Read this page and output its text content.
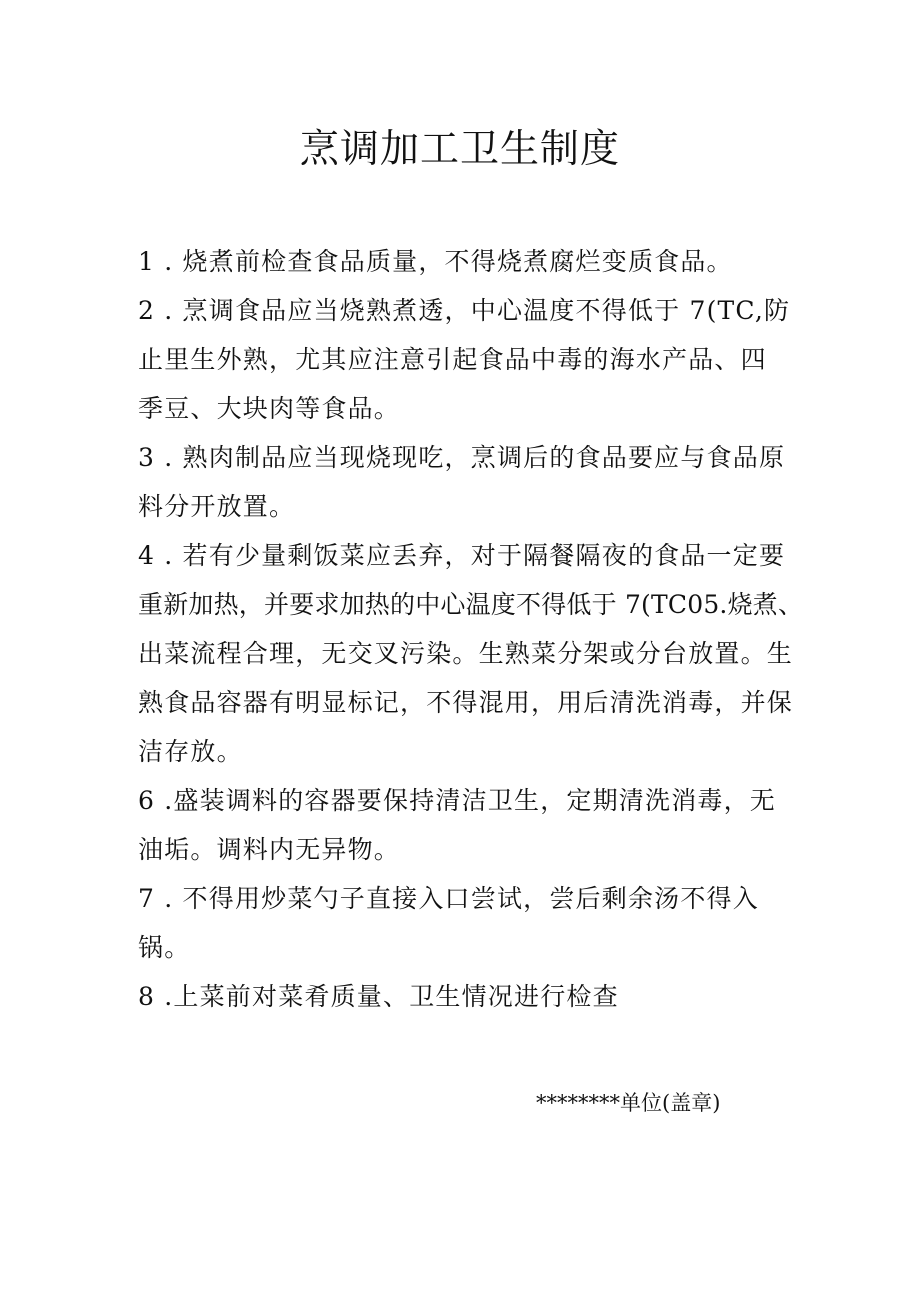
烹调加工卫生制度
1 . 烧煮前检查食品质量，不得烧煮腐烂变质食品。
2 . 烹调食品应当烧熟煮透，中心温度不得低于 7(TC,防
止里生外熟，尤其应注意引起食品中毒的海水产品、四
季豆、大块肉等食品。
3 . 熟肉制品应当现烧现吃，烹调后的食品要应与食品原
料分开放置。
4 . 若有少量剩饭菜应丢弃，对于隔餐隔夜的食品一定要
重新加热，并要求加热的中心温度不得低于 7(TC05.烧煮、
出菜流程合理，无交叉污染。生熟菜分架或分台放置。生
熟食品容器有明显标记，不得混用，用后清洗消毒，并保
洁存放。
6 .盛装调料的容器要保持清洁卫生，定期清洗消毒，无
油垢。调料内无异物。
7 . 不得用炒菜勺子直接入口尝试，尝后剩余汤不得入
锅。
8 .上菜前对菜肴质量、卫生情况进行检查
********单位(盖章)
